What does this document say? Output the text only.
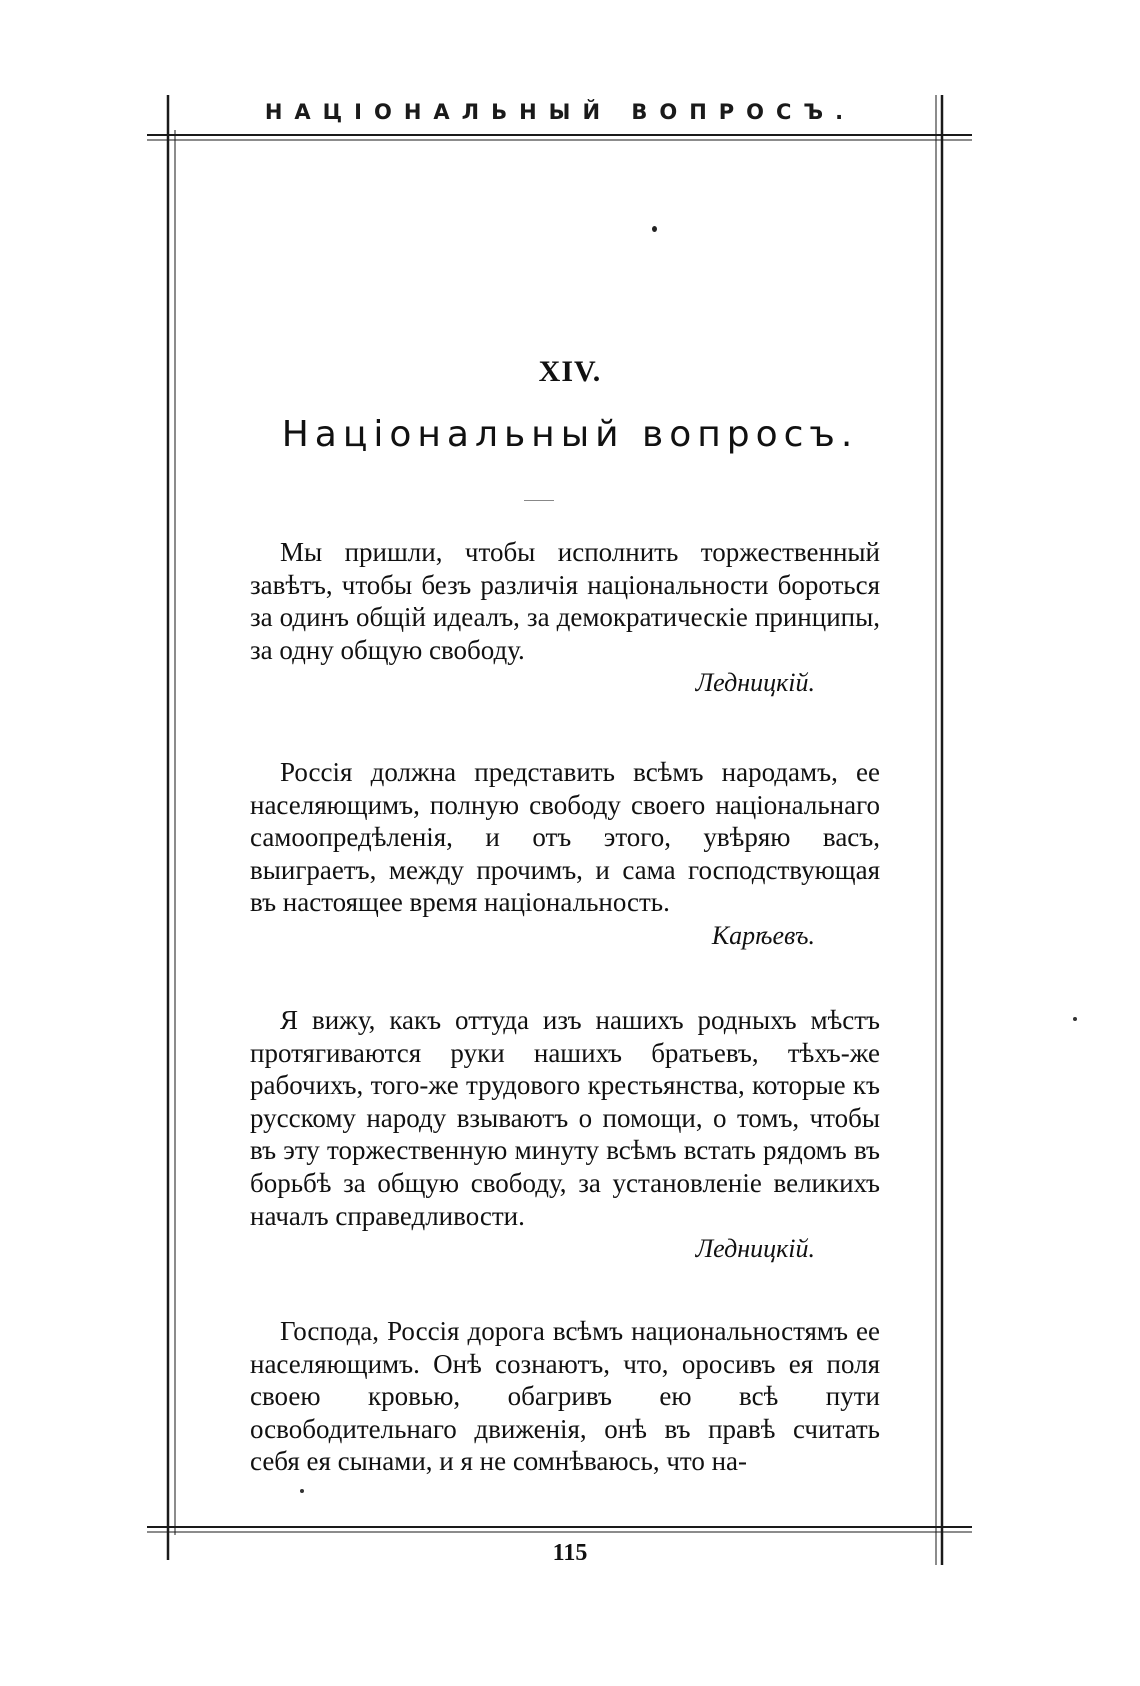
НАЦІОНАЛЬНЫЙ ВОПРОСЪ.
XIV.
Національный вопросъ.

Мы пришли, чтобы исполнить торжественный завѣтъ, чтобы безъ различія національности бороться за одинъ общій идеалъ, за демократическіе принципы, за одну общую свободу.

Ледницкій.

Россія должна представить всѣмъ народамъ, ее населяющимъ, полную свободу своего національнаго самоопредѣленія, и отъ этого, увѣряю васъ, выиграетъ, между прочимъ, и сама господствующая въ настоящее время національность.

Карѣевъ.

Я вижу, какъ оттуда изъ нашихъ родныхъ мѣстъ протягиваются руки нашихъ братьевъ, тѣхъ-же рабочихъ, того-же трудового крестьянства, которые къ русскому народу взываютъ о помощи, о томъ, чтобы въ эту торжественную минуту всѣмъ встать рядомъ въ борьбѣ за общую свободу, за установленіе великихъ началъ справедливости.

Ледницкій.

Господа, Россія дорога всѣмъ национальностямъ ее населяющимъ. Онѣ сознаютъ, что, оросивъ ея поля своею кровью, обагривъ ею всѣ пути освободительнаго движенія, онѣ въ правѣ считать себя ея сынами, и я не сомнѣваюсь, что на-

115
